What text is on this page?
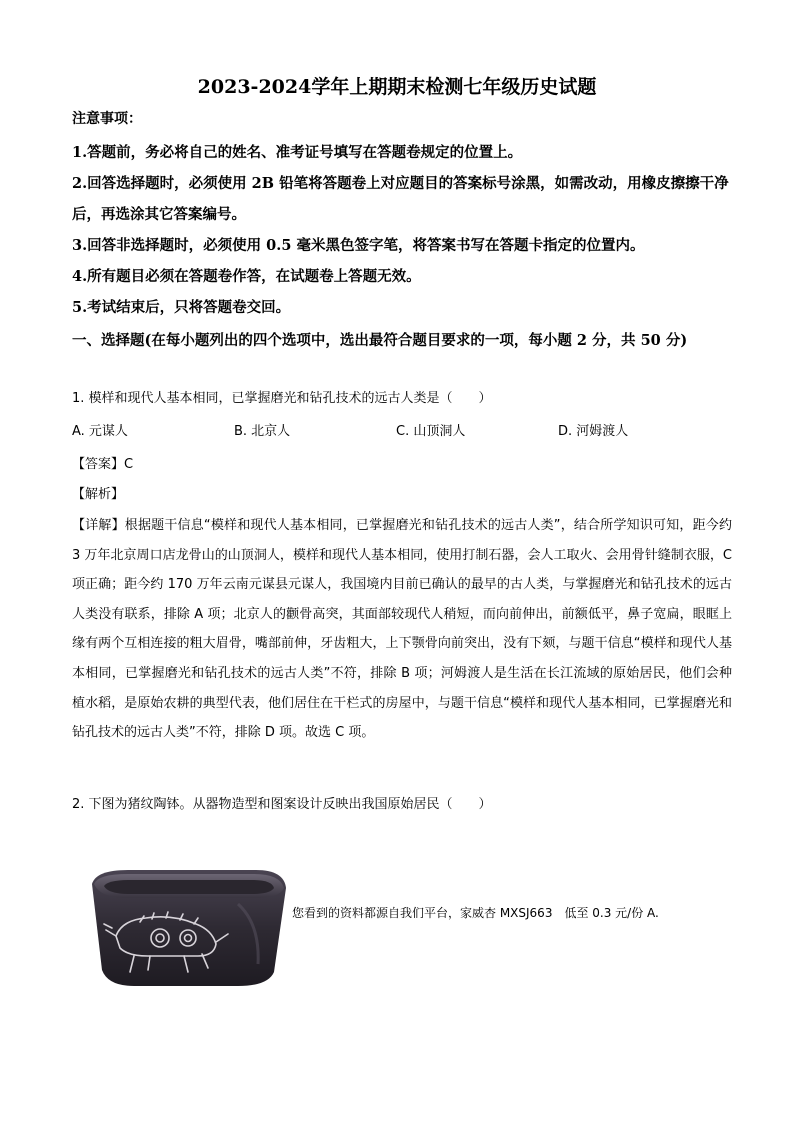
2023-2024学年上期期末检测七年级历史试题
注意事项：

1.答题前，务必将自己的姓名、准考证号填写在答题卷规定的位置上。

2.回答选择题时，必须使用 2B 铅笔将答题卷上对应题目的答案标号涂黑，如需改动，用橡皮擦擦干净后，再选涂其它答案编号。

3.回答非选择题时，必须使用 0.5 毫米黑色签字笔，将答案书写在答题卡指定的位置内。

4.所有题目必须在答题卷作答，在试题卷上答题无效。

5.考试结束后，只将答题卷交回。

一、选择题(在每小题列出的四个选项中，选出最符合题目要求的一项，每小题 2 分，共 50 分)
1. 模样和现代人基本相同，已掌握磨光和钻孔技术的远古人类是（　　）
A. 元谋人	B. 北京人	C. 山顶洞人	D. 河姆渡人
【答案】C
【解析】
【详解】根据题干信息“模样和现代人基本相同，已掌握磨光和钻孔技术的远古人类”，结合所学知识可知，距今约 3 万年北京周口店龙骨山的山顶洞人，模样和现代人基本相同，使用打制石器，会人工取火、会用骨针缝制衣服，C 项正确；距今约 170 万年云南元谋县元谋人，我国境内目前已确认的最早的古人类，与掌握磨光和钻孔技术的远古人类没有联系，排除 A 项；北京人的颧骨高突，其面部较现代人稍短，而向前伸出，前额低平，鼻子宽扁，眼眶上缘有两个互相连接的粗大眉骨，嘴部前伸，牙齿粗大，上下颚骨向前突出，没有下颏，与题干信息“模样和现代人基本相同，已掌握磨光和钻孔技术的远古人类”不符，排除 B 项；河姆渡人是生活在长江流域的原始居民，他们会种植水稻，是原始农耕的典型代表，他们居住在干栏式的房屋中，与题干信息“模样和现代人基本相同，已掌握磨光和钻孔技术的远古人类”不符，排除 D 项。故选 C 项。
2. 下图为猪纹陶钵。从器物造型和图案设计反映出我国原始居民（　　）
您看到的资料都源自我们平台，家威杏 MXSJ663　低至 0.3 元/份 A.
